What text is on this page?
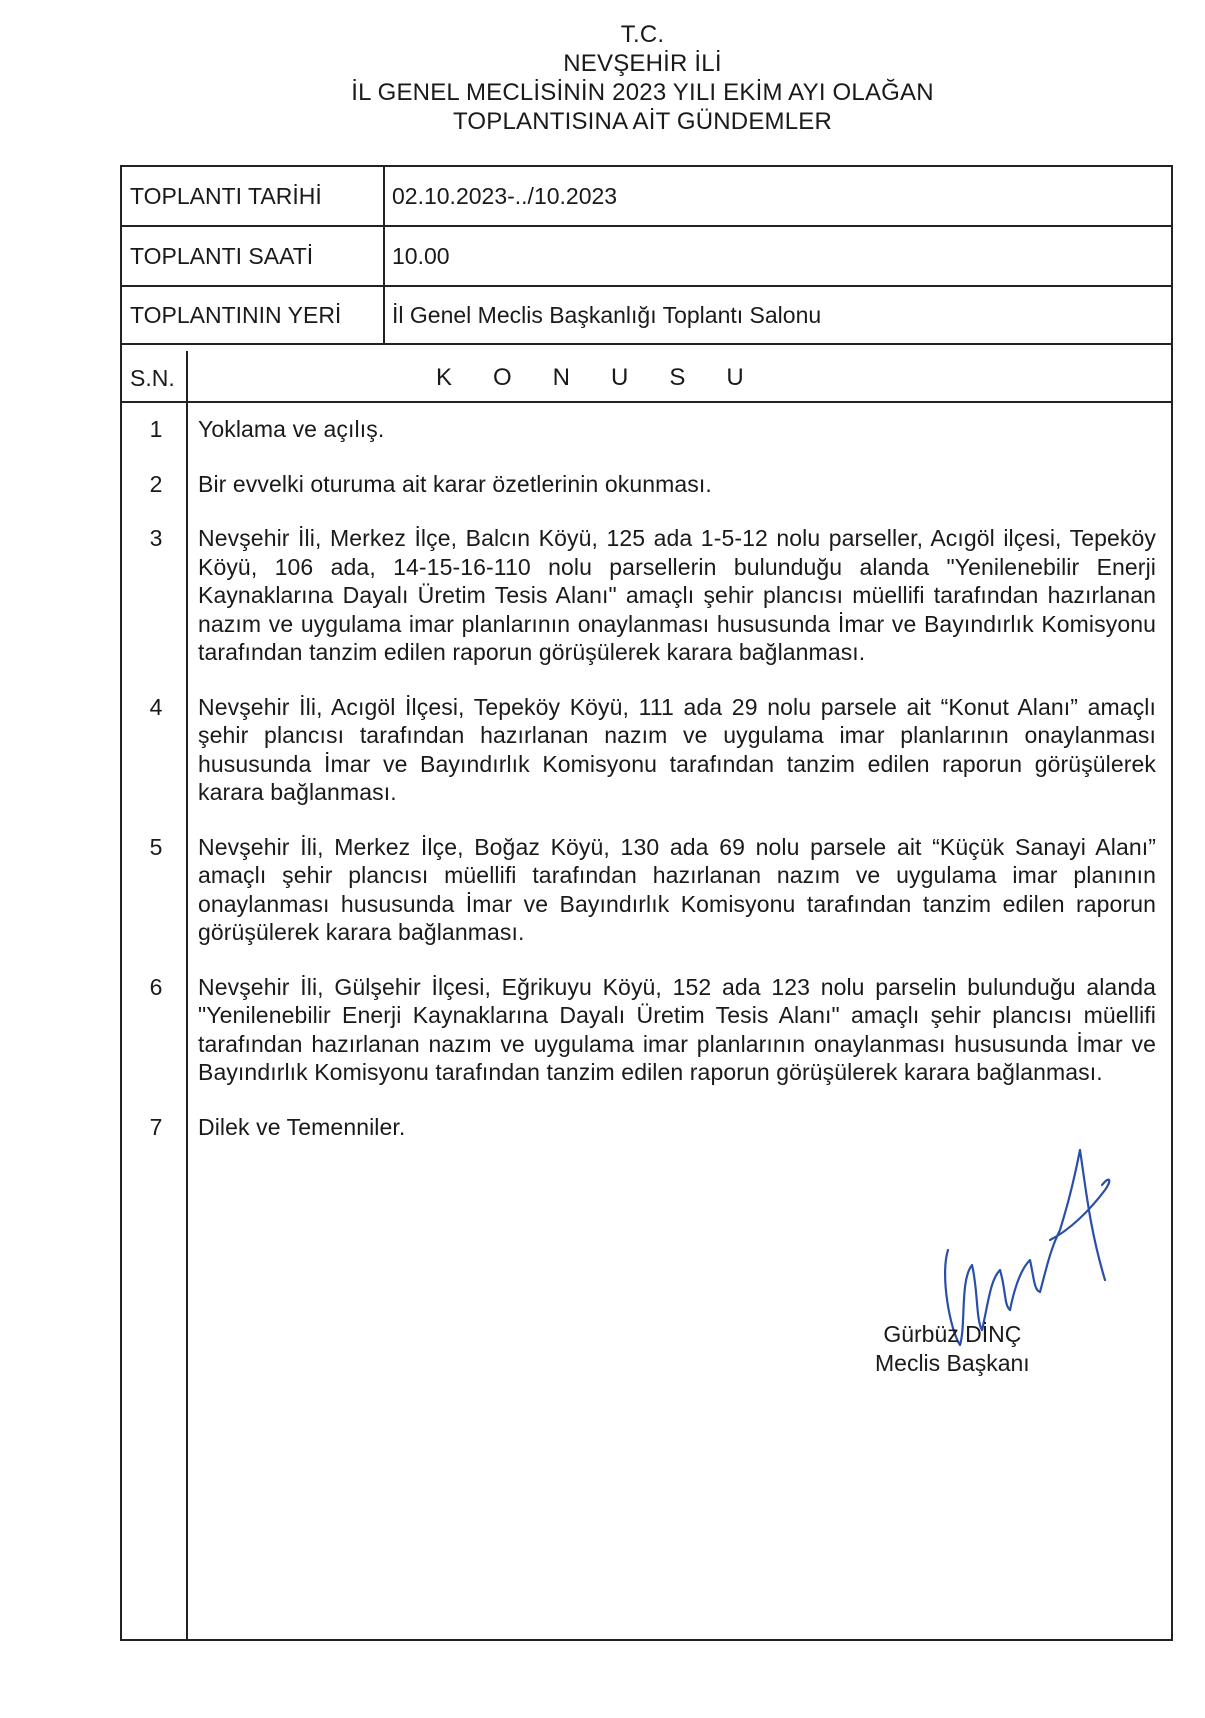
T.C.
NEVŞEHİR İLİ
İL GENEL MECLİSİNİN 2023 YILI EKİM AYI OLAĞAN
TOPLANTISINA AİT GÜNDEMLER
TOPLANTI TARİHİ	02.10.2023-../10.2023
TOPLANTI SAATİ	10.00
TOPLANTININ YERİ	İl Genel Meclis Başkanlığı Toplantı Salonu
S.N.	KONUSU
1	Yoklama ve açılış.
2	Bir evvelki oturuma ait karar özetlerinin okunması.
3	Nevşehir İli, Merkez İlçe, Balcın Köyü, 125 ada 1-5-12 nolu parseller, Acıgöl ilçesi, Tepeköy Köyü, 106 ada, 14-15-16-110 nolu parsellerin bulunduğu alanda "Yenilenebilir Enerji Kaynaklarına Dayalı Üretim Tesis Alanı" amaçlı şehir plancısı müellifi tarafından hazırlanan nazım ve uygulama imar planlarının onaylanması hususunda İmar ve Bayındırlık Komisyonu tarafından tanzim edilen raporun görüşülerek karara bağlanması.
4	Nevşehir İli, Acıgöl İlçesi, Tepeköy Köyü, 111 ada 29 nolu parsele ait “Konut Alanı” amaçlı şehir plancısı tarafından hazırlanan nazım ve uygulama imar planlarının onaylanması hususunda İmar ve Bayındırlık Komisyonu tarafından tanzim edilen raporun görüşülerek karara bağlanması.
5	Nevşehir İli, Merkez İlçe, Boğaz Köyü, 130 ada 69 nolu parsele ait “Küçük Sanayi Alanı” amaçlı şehir plancısı müellifi tarafından hazırlanan nazım ve uygulama imar planının onaylanması hususunda İmar ve Bayındırlık Komisyonu tarafından tanzim edilen raporun görüşülerek karara bağlanması.
6	Nevşehir İli, Gülşehir İlçesi, Eğrikuyu Köyü, 152 ada 123 nolu parselin bulunduğu alanda "Yenilenebilir Enerji Kaynaklarına Dayalı Üretim Tesis Alanı" amaçlı şehir plancısı müellifi tarafından hazırlanan nazım ve uygulama imar planlarının onaylanması hususunda İmar ve Bayındırlık Komisyonu tarafından tanzim edilen raporun görüşülerek karara bağlanması.
7	Dilek ve Temenniler.
Gürbüz DİNÇ
Meclis Başkanı
